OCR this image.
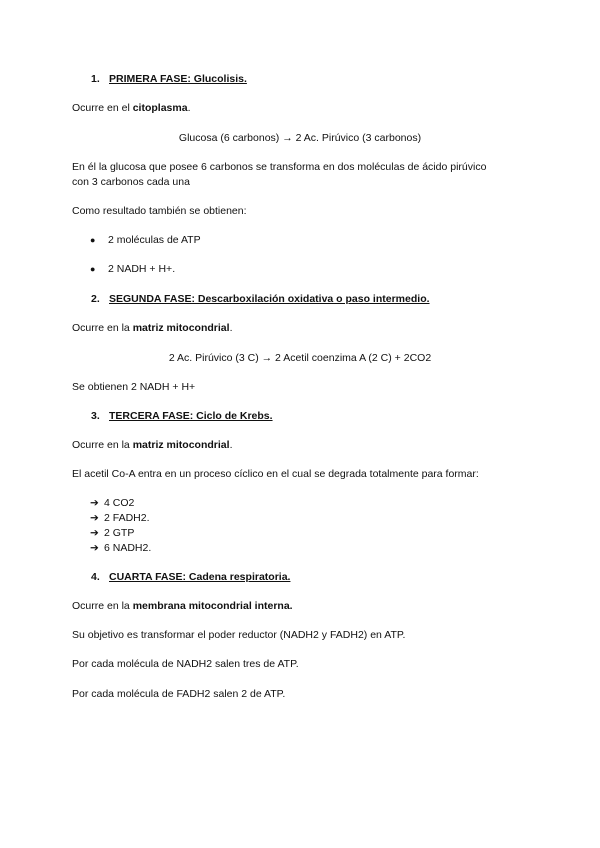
1. PRIMERA FASE: Glucolisis.
Ocurre en el citoplasma.
Glucosa (6 carbonos) → 2 Ac. Pirúvico (3 carbonos)
En él la glucosa que posee 6 carbonos se transforma en dos moléculas de ácido pirúvico
con 3 carbonos cada una
Como resultado también se obtienen:
● 2 moléculas de ATP
● 2 NADH + H+.
2. SEGUNDA FASE: Descarboxilación oxidativa o paso intermedio.
Ocurre en la matriz mitocondrial.
2 Ac. Pirúvico (3 C) → 2 Acetil coenzima A (2 C) + 2CO2
Se obtienen 2 NADH + H+
3. TERCERA FASE: Ciclo de Krebs.
Ocurre en la matriz mitocondrial.
El acetil Co-A entra en un proceso cíclico en el cual se degrada totalmente para formar:
➔ 4 CO2
➔ 2 FADH2.
➔ 2 GTP
➔ 6 NADH2.
4. CUARTA FASE: Cadena respiratoria.
Ocurre en la membrana mitocondrial interna.
Su objetivo es transformar el poder reductor (NADH2 y FADH2) en ATP.
Por cada molécula de NADH2 salen tres de ATP.
Por cada molécula de FADH2 salen 2 de ATP.
